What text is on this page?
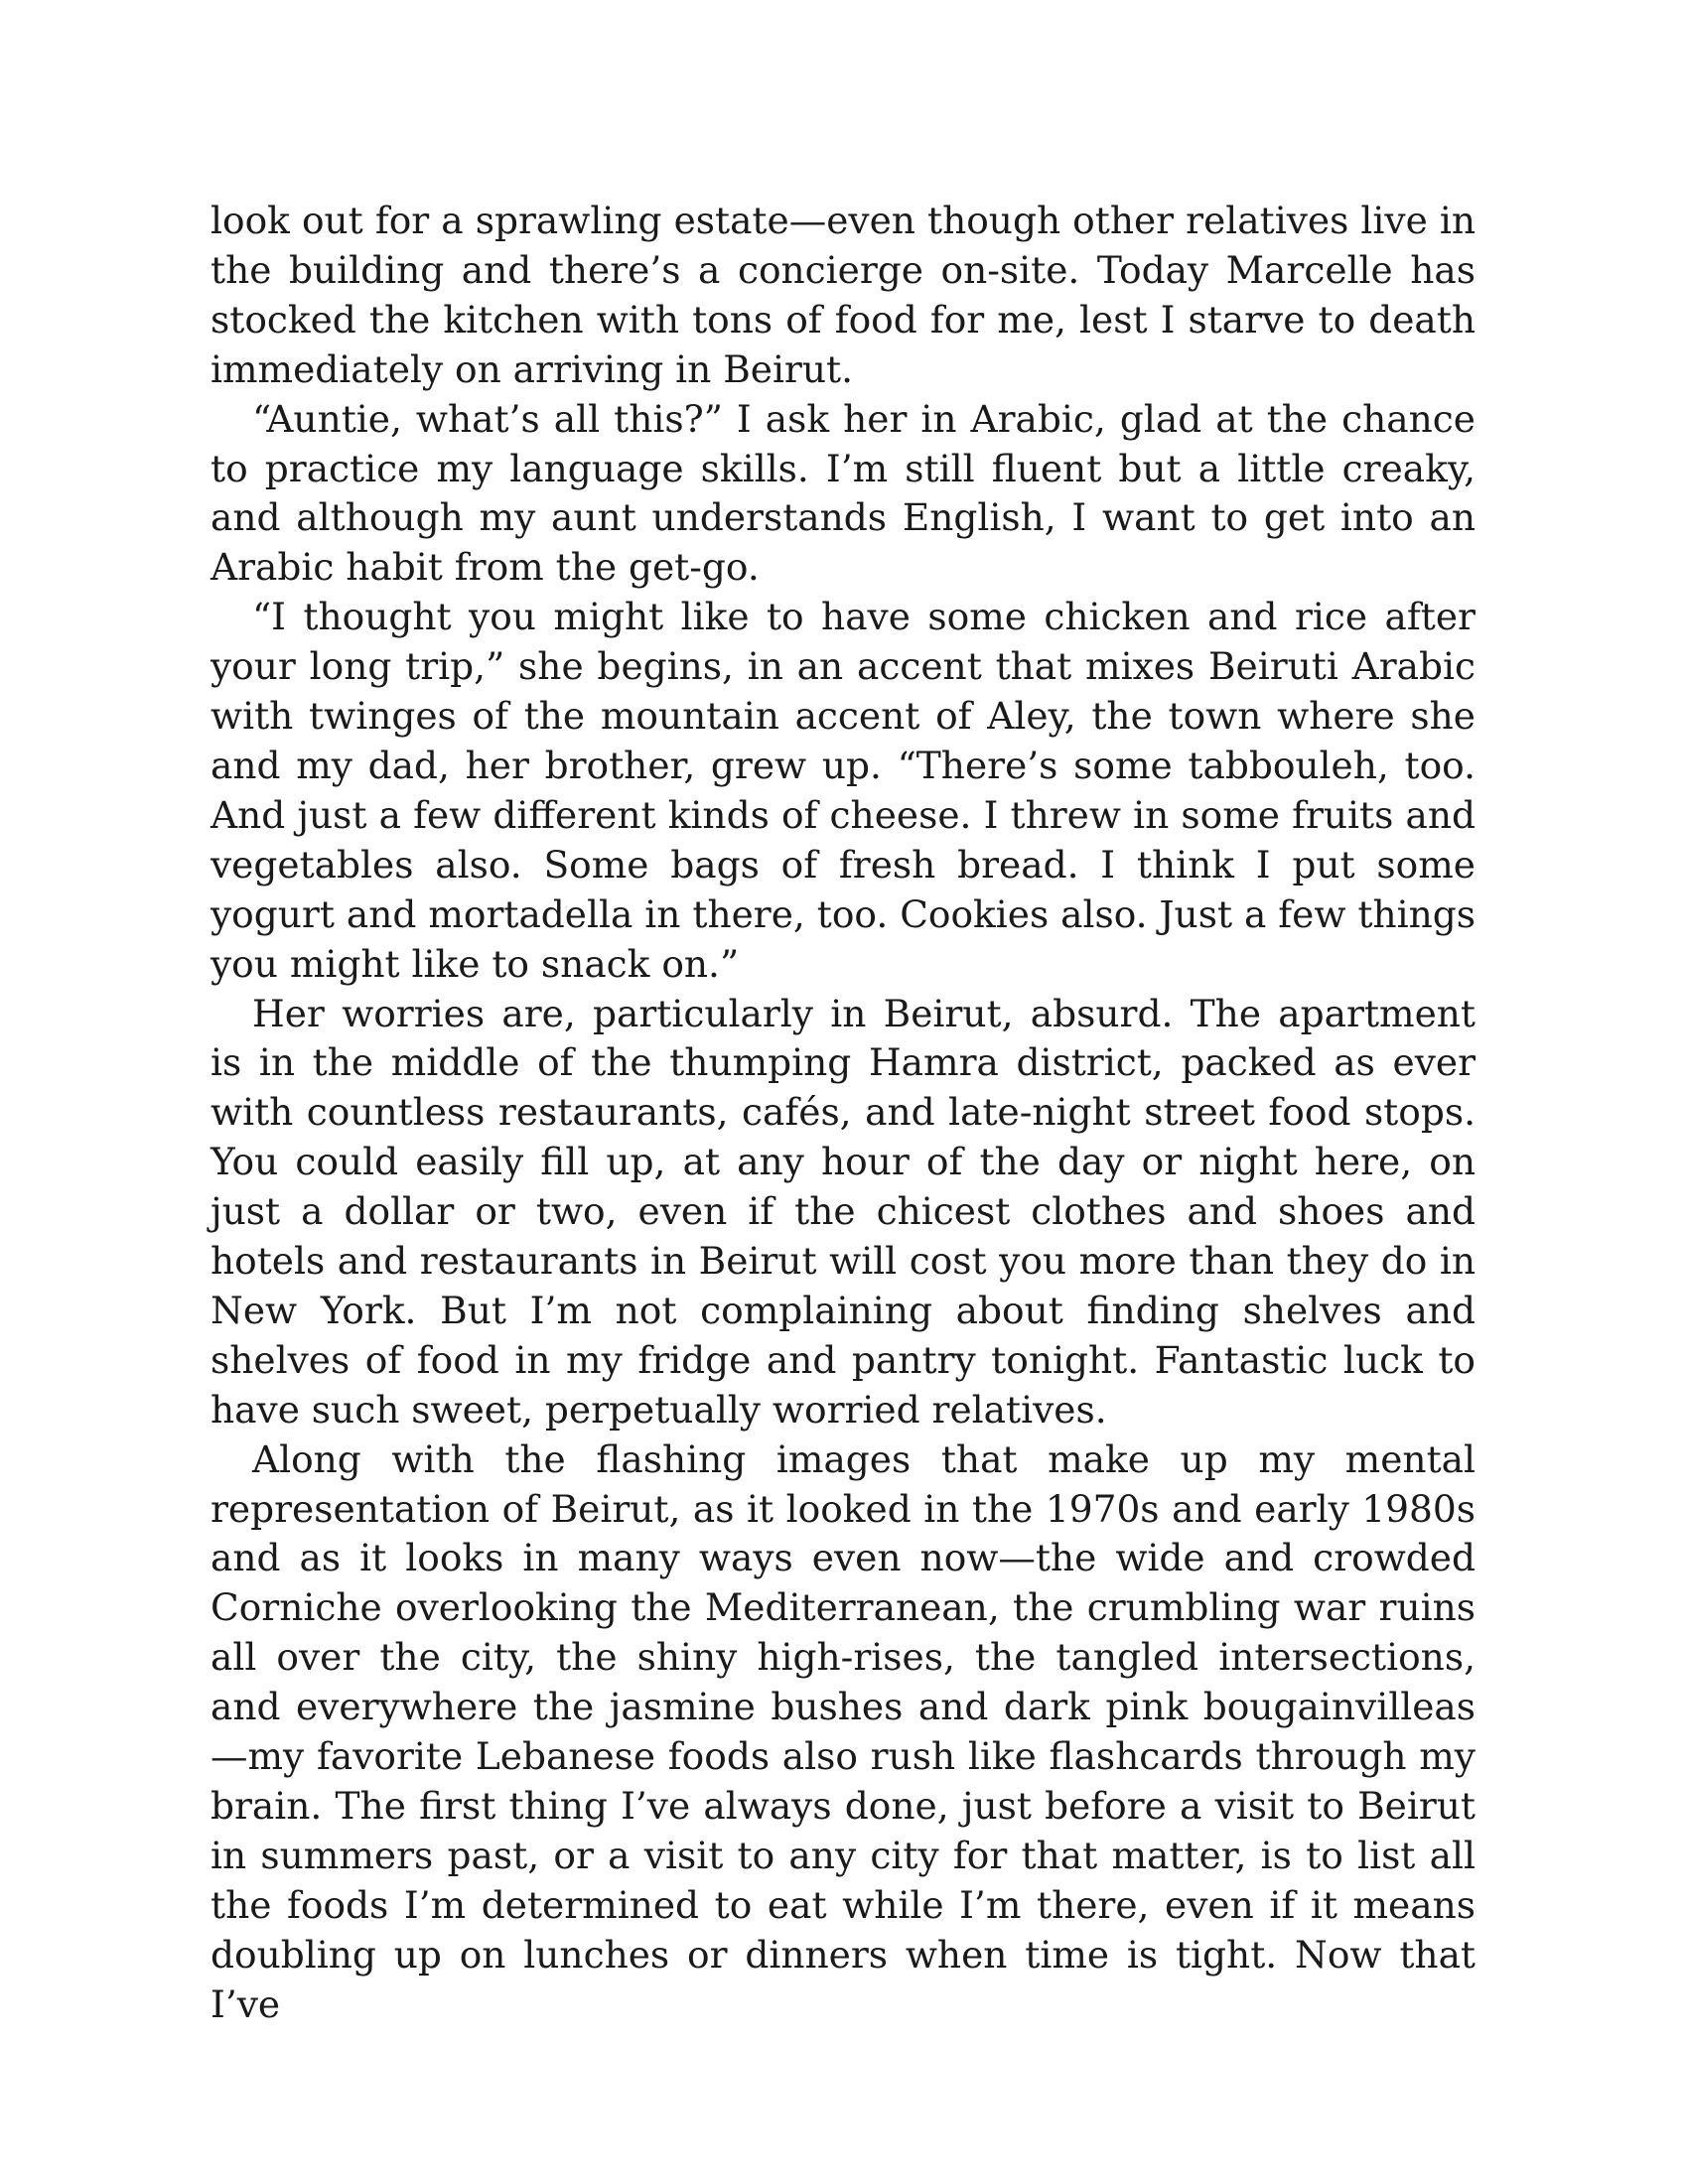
look out for a sprawling estate—even though other relatives live in the building and there’s a concierge on-site. Today Marcelle has stocked the kitchen with tons of food for me, lest I starve to death immediately on arriving in Beirut.

“Auntie, what’s all this?” I ask her in Arabic, glad at the chance to practice my language skills. I’m still fluent but a little creaky, and although my aunt understands English, I want to get into an Arabic habit from the get-go.

“I thought you might like to have some chicken and rice after your long trip,” she begins, in an accent that mixes Beiruti Arabic with twinges of the mountain accent of Aley, the town where she and my dad, her brother, grew up. “There’s some tabbouleh, too. And just a few different kinds of cheese. I threw in some fruits and vegetables also. Some bags of fresh bread. I think I put some yogurt and mortadella in there, too. Cookies also. Just a few things you might like to snack on.”

Her worries are, particularly in Beirut, absurd. The apartment is in the middle of the thumping Hamra district, packed as ever with countless restaurants, cafés, and late-night street food stops. You could easily fill up, at any hour of the day or night here, on just a dollar or two, even if the chicest clothes and shoes and hotels and restaurants in Beirut will cost you more than they do in New York. But I’m not complaining about finding shelves and shelves of food in my fridge and pantry tonight. Fantastic luck to have such sweet, perpetually worried relatives.

Along with the flashing images that make up my mental representation of Beirut, as it looked in the 1970s and early 1980s and as it looks in many ways even now—the wide and crowded Corniche overlooking the Mediterranean, the crumbling war ruins all over the city, the shiny high-rises, the tangled intersections, and everywhere the jasmine bushes and dark pink bougainvilleas—my favorite Lebanese foods also rush like flashcards through my brain. The first thing I’ve always done, just before a visit to Beirut in summers past, or a visit to any city for that matter, is to list all the foods I’m determined to eat while I’m there, even if it means doubling up on lunches or dinners when time is tight. Now that I’ve
